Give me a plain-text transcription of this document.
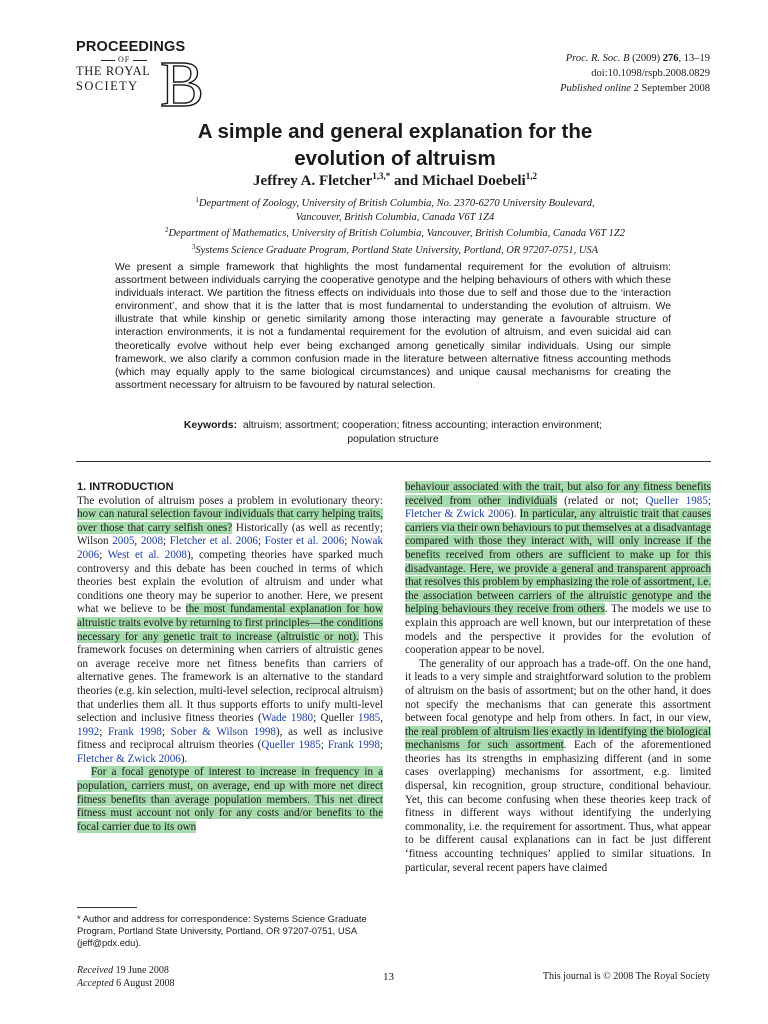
PROCEEDINGS
OF
THE ROYAL
SOCIETY B	Proc. R. Soc. B (2009) 276, 13–19
doi:10.1098/rspb.2008.0829
Published online 2 September 2008
A simple and general explanation for the
evolution of altruism
Jeffrey A. Fletcher$^{1,3,*}$ and Michael Doebeli$^{1,2}$
$^1$Department of Zoology, University of British Columbia, No. 2370-6270 University Boulevard,
Vancouver, British Columbia, Canada V6T 1Z4
$^2$Department of Mathematics, University of British Columbia, Vancouver, British Columbia, Canada V6T 1Z2
$^3$Systems Science Graduate Program, Portland State University, Portland, OR 97207-0751, USA
We present a simple framework that highlights the most fundamental requirement for the evolution of altruism: assortment between individuals carrying the cooperative genotype and the helping behaviours of others with which these individuals interact. We partition the fitness effects on individuals into those due to self and those due to the ‘interaction environment’, and show that it is the latter that is most fundamental to understanding the evolution of altruism. We illustrate that while kinship or genetic similarity among those interacting may generate a favourable structure of interaction environments, it is not a fundamental requirement for the evolution of altruism, and even suicidal aid can theoretically evolve without help ever being exchanged among genetically similar individuals. Using our simple framework, we also clarify a common confusion made in the literature between alternative fitness accounting methods (which may equally apply to the same biological circumstances) and unique causal mechanisms for creating the assortment necessary for altruism to be favoured by natural selection.
Keywords: altruism; assortment; cooperation; fitness accounting; interaction environment;
population structure
1. INTRODUCTION

The evolution of altruism poses a problem in evolutionary theory: how can natural selection favour individuals that carry helping traits, over those that carry selfish ones? Historically (as well as recently; Wilson 2005, 2008; Fletcher et al. 2006; Foster et al. 2006; Nowak 2006; West et al. 2008), competing theories have sparked much controversy and this debate has been couched in terms of which theories best explain the evolution of altruism and under what conditions one theory may be superior to another. Here, we present what we believe to be the most fundamental explanation for how altruistic traits evolve by returning to first principles—the conditions necessary for any genetic trait to increase (altruistic or not). This framework focuses on determining when carriers of altruistic genes on average receive more net fitness benefits than carriers of alternative genes. The framework is an alternative to the standard theories (e.g. kin selection, multi-level selection, reciprocal altruism) that underlies them all. It thus supports efforts to unify multi-level selection and inclusive fitness theories (Wade 1980; Queller 1985, 1992; Frank 1998; Sober & Wilson 1998), as well as inclusive fitness and reciprocal altruism theories (Queller 1985; Frank 1998; Fletcher & Zwick 2006).

For a focal genotype of interest to increase in frequency in a population, carriers must, on average, end up with more net direct fitness benefits than average population members. This net direct fitness must account not only for any costs and/or benefits to the focal carrier due to its own

* Author and address for correspondence: Systems Science Graduate Program, Portland State University, Portland, OR 97207-0751, USA (jeff@pdx.edu).

behaviour associated with the trait, but also for any fitness benefits received from other individuals (related or not; Queller 1985; Fletcher & Zwick 2006). In particular, any altruistic trait that causes carriers via their own behaviours to put themselves at a disadvantage compared with those they interact with, will only increase if the benefits received from others are sufficient to make up for this disadvantage. Here, we provide a general and transparent approach that resolves this problem by emphasizing the role of assortment, i.e. the association between carriers of the altruistic genotype and the helping behaviours they receive from others. The models we use to explain this approach are well known, but our interpretation of these models and the perspective it provides for the evolution of cooperation appear to be novel.

The generality of our approach has a trade-off. On the one hand, it leads to a very simple and straightforward solution to the problem of altruism on the basis of assortment; but on the other hand, it does not specify the mechanisms that can generate this assortment between focal genotype and help from others. In fact, in our view, the real problem of altruism lies exactly in identifying the biological mechanisms for such assortment. Each of the aforementioned theories has its strengths in emphasizing different (and in some cases overlapping) mechanisms for assortment, e.g. limited dispersal, kin recognition, group structure, conditional behaviour. Yet, this can become confusing when these theories keep track of fitness in different ways without identifying the underlying commonality, i.e. the requirement for assortment. Thus, what appear to be different causal explanations can in fact be just different ‘fitness accounting techniques’ applied to similar situations. In particular, several recent papers have claimed

Received 19 June 2008
Accepted 6 August 2008	13	This journal is © 2008 The Royal Society
